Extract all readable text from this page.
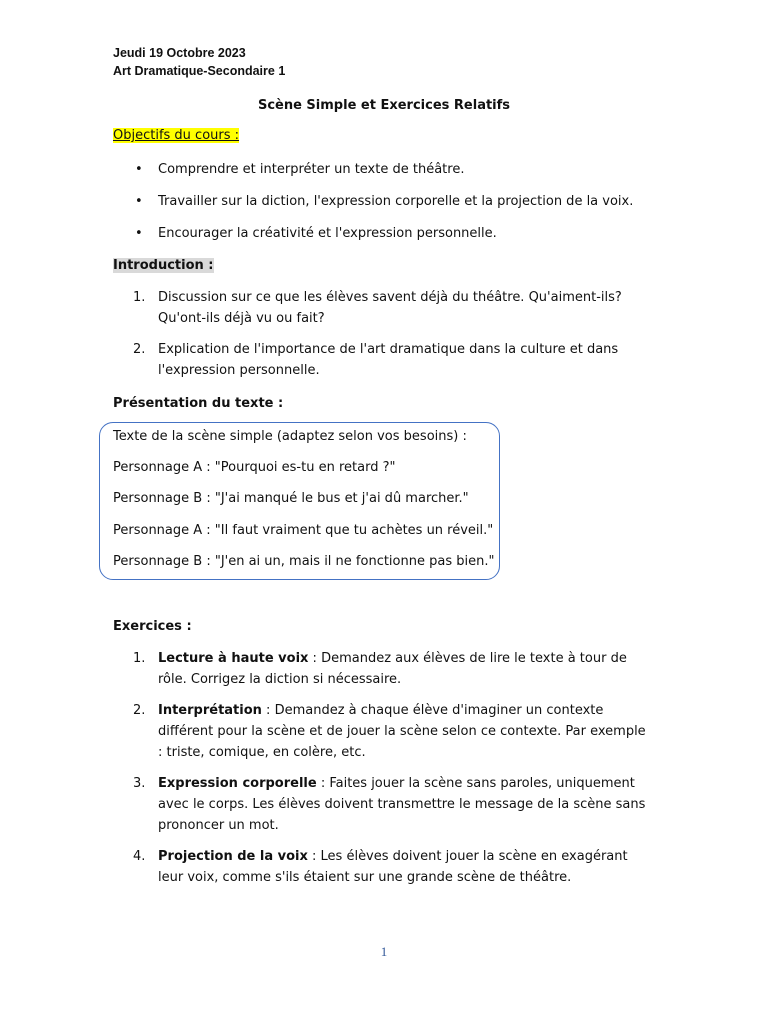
Jeudi 19 Octobre 2023
Art Dramatique-Secondaire 1
Scène Simple et Exercices Relatifs
Objectifs du cours :
• Comprendre et interpréter un texte de théâtre.
• Travailler sur la diction, l'expression corporelle et la projection de la voix.
• Encourager la créativité et l'expression personnelle.
Introduction :
1. Discussion sur ce que les élèves savent déjà du théâtre. Qu'aiment-ils? Qu'ont-ils déjà vu ou fait?
2. Explication de l'importance de l'art dramatique dans la culture et dans l'expression personnelle.
Présentation du texte :
Texte de la scène simple (adaptez selon vos besoins) :
Personnage A : "Pourquoi es-tu en retard ?"
Personnage B : "J'ai manqué le bus et j'ai dû marcher."
Personnage A : "Il faut vraiment que tu achètes un réveil."
Personnage B : "J'en ai un, mais il ne fonctionne pas bien."
Exercices :
1. Lecture à haute voix : Demandez aux élèves de lire le texte à tour de rôle. Corrigez la diction si nécessaire.
2. Interprétation : Demandez à chaque élève d'imaginer un contexte différent pour la scène et de jouer la scène selon ce contexte. Par exemple : triste, comique, en colère, etc.
3. Expression corporelle : Faites jouer la scène sans paroles, uniquement avec le corps. Les élèves doivent transmettre le message de la scène sans prononcer un mot.
4. Projection de la voix : Les élèves doivent jouer la scène en exagérant leur voix, comme s'ils étaient sur une grande scène de théâtre.
1
